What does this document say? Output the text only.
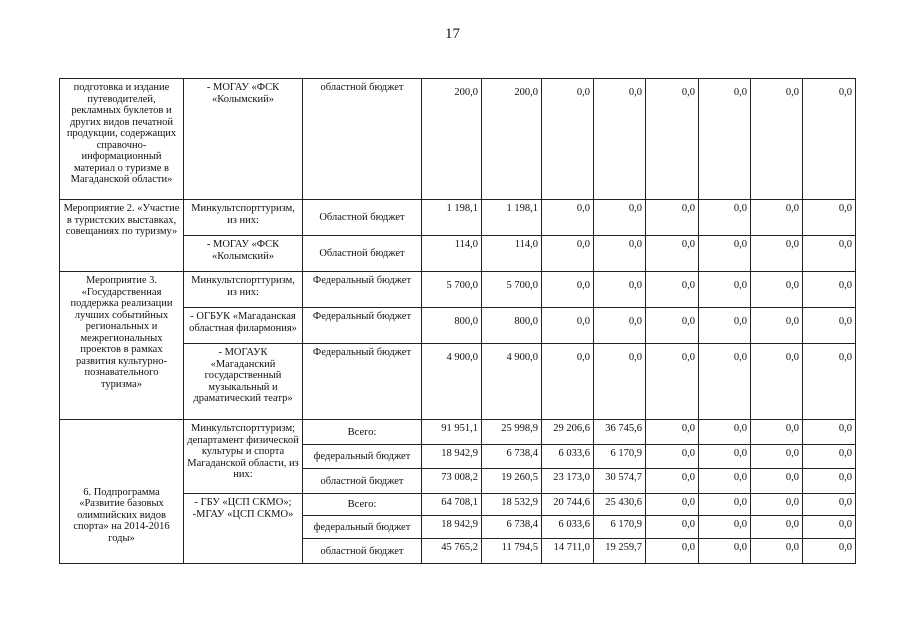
17
подготовка и издание путеводителей, рекламных буклетов и других видов печатной продукции, содержащих справочно-информационный материал о туризме в Магаданской области»	- МОГАУ «ФСК «Колымский»	областной бюджет	200,0	200,0	0,0	0,0	0,0	0,0	0,0	0,0
Мероприятие 2. «Участие в туристских выставках, совещаниях по туризму»	Минкультспорттуризм, из них:	Областной бюджет	1 198,1	1 198,1	0,0	0,0	0,0	0,0	0,0	0,0
	- МОГАУ «ФСК «Колымский»	Областной бюджет	114,0	114,0	0,0	0,0	0,0	0,0	0,0	0,0
Мероприятие 3. «Государственная поддержка реализации лучших событийных региональных и межрегиональных проектов в рамках развития культурно-познавательного туризма»	Минкультспорттуризм, из них:	Федеральный бюджет	5 700,0	5 700,0	0,0	0,0	0,0	0,0	0,0	0,0
	- ОГБУК «Магаданская областная филармония»	Федеральный бюджет	800,0	800,0	0,0	0,0	0,0	0,0	0,0	0,0
	- МОГАУК «Магаданский государственный музыкальный и драматический театр»	Федеральный бюджет	4 900,0	4 900,0	0,0	0,0	0,0	0,0	0,0	0,0
6. Подпрограмма «Развитие базовых олимпийских видов спорта» на 2014-2016 годы»	Минкультспорттуризм; департамент физической культуры и спорта Магаданской области, из них:	Всего:	91 951,1	25 998,9	29 206,6	36 745,6	0,0	0,0	0,0	0,0
		федеральный бюджет	18 942,9	6 738,4	6 033,6	6 170,9	0,0	0,0	0,0	0,0
		областной бюджет	73 008,2	19 260,5	23 173,0	30 574,7	0,0	0,0	0,0	0,0
	- ГБУ «ЦСП СКМО»; -МГАУ «ЦСП СКМО»	Всего:	64 708,1	18 532,9	20 744,6	25 430,6	0,0	0,0	0,0	0,0
		федеральный бюджет	18 942,9	6 738,4	6 033,6	6 170,9	0,0	0,0	0,0	0,0
		областной бюджет	45 765,2	11 794,5	14 711,0	19 259,7	0,0	0,0	0,0	0,0
